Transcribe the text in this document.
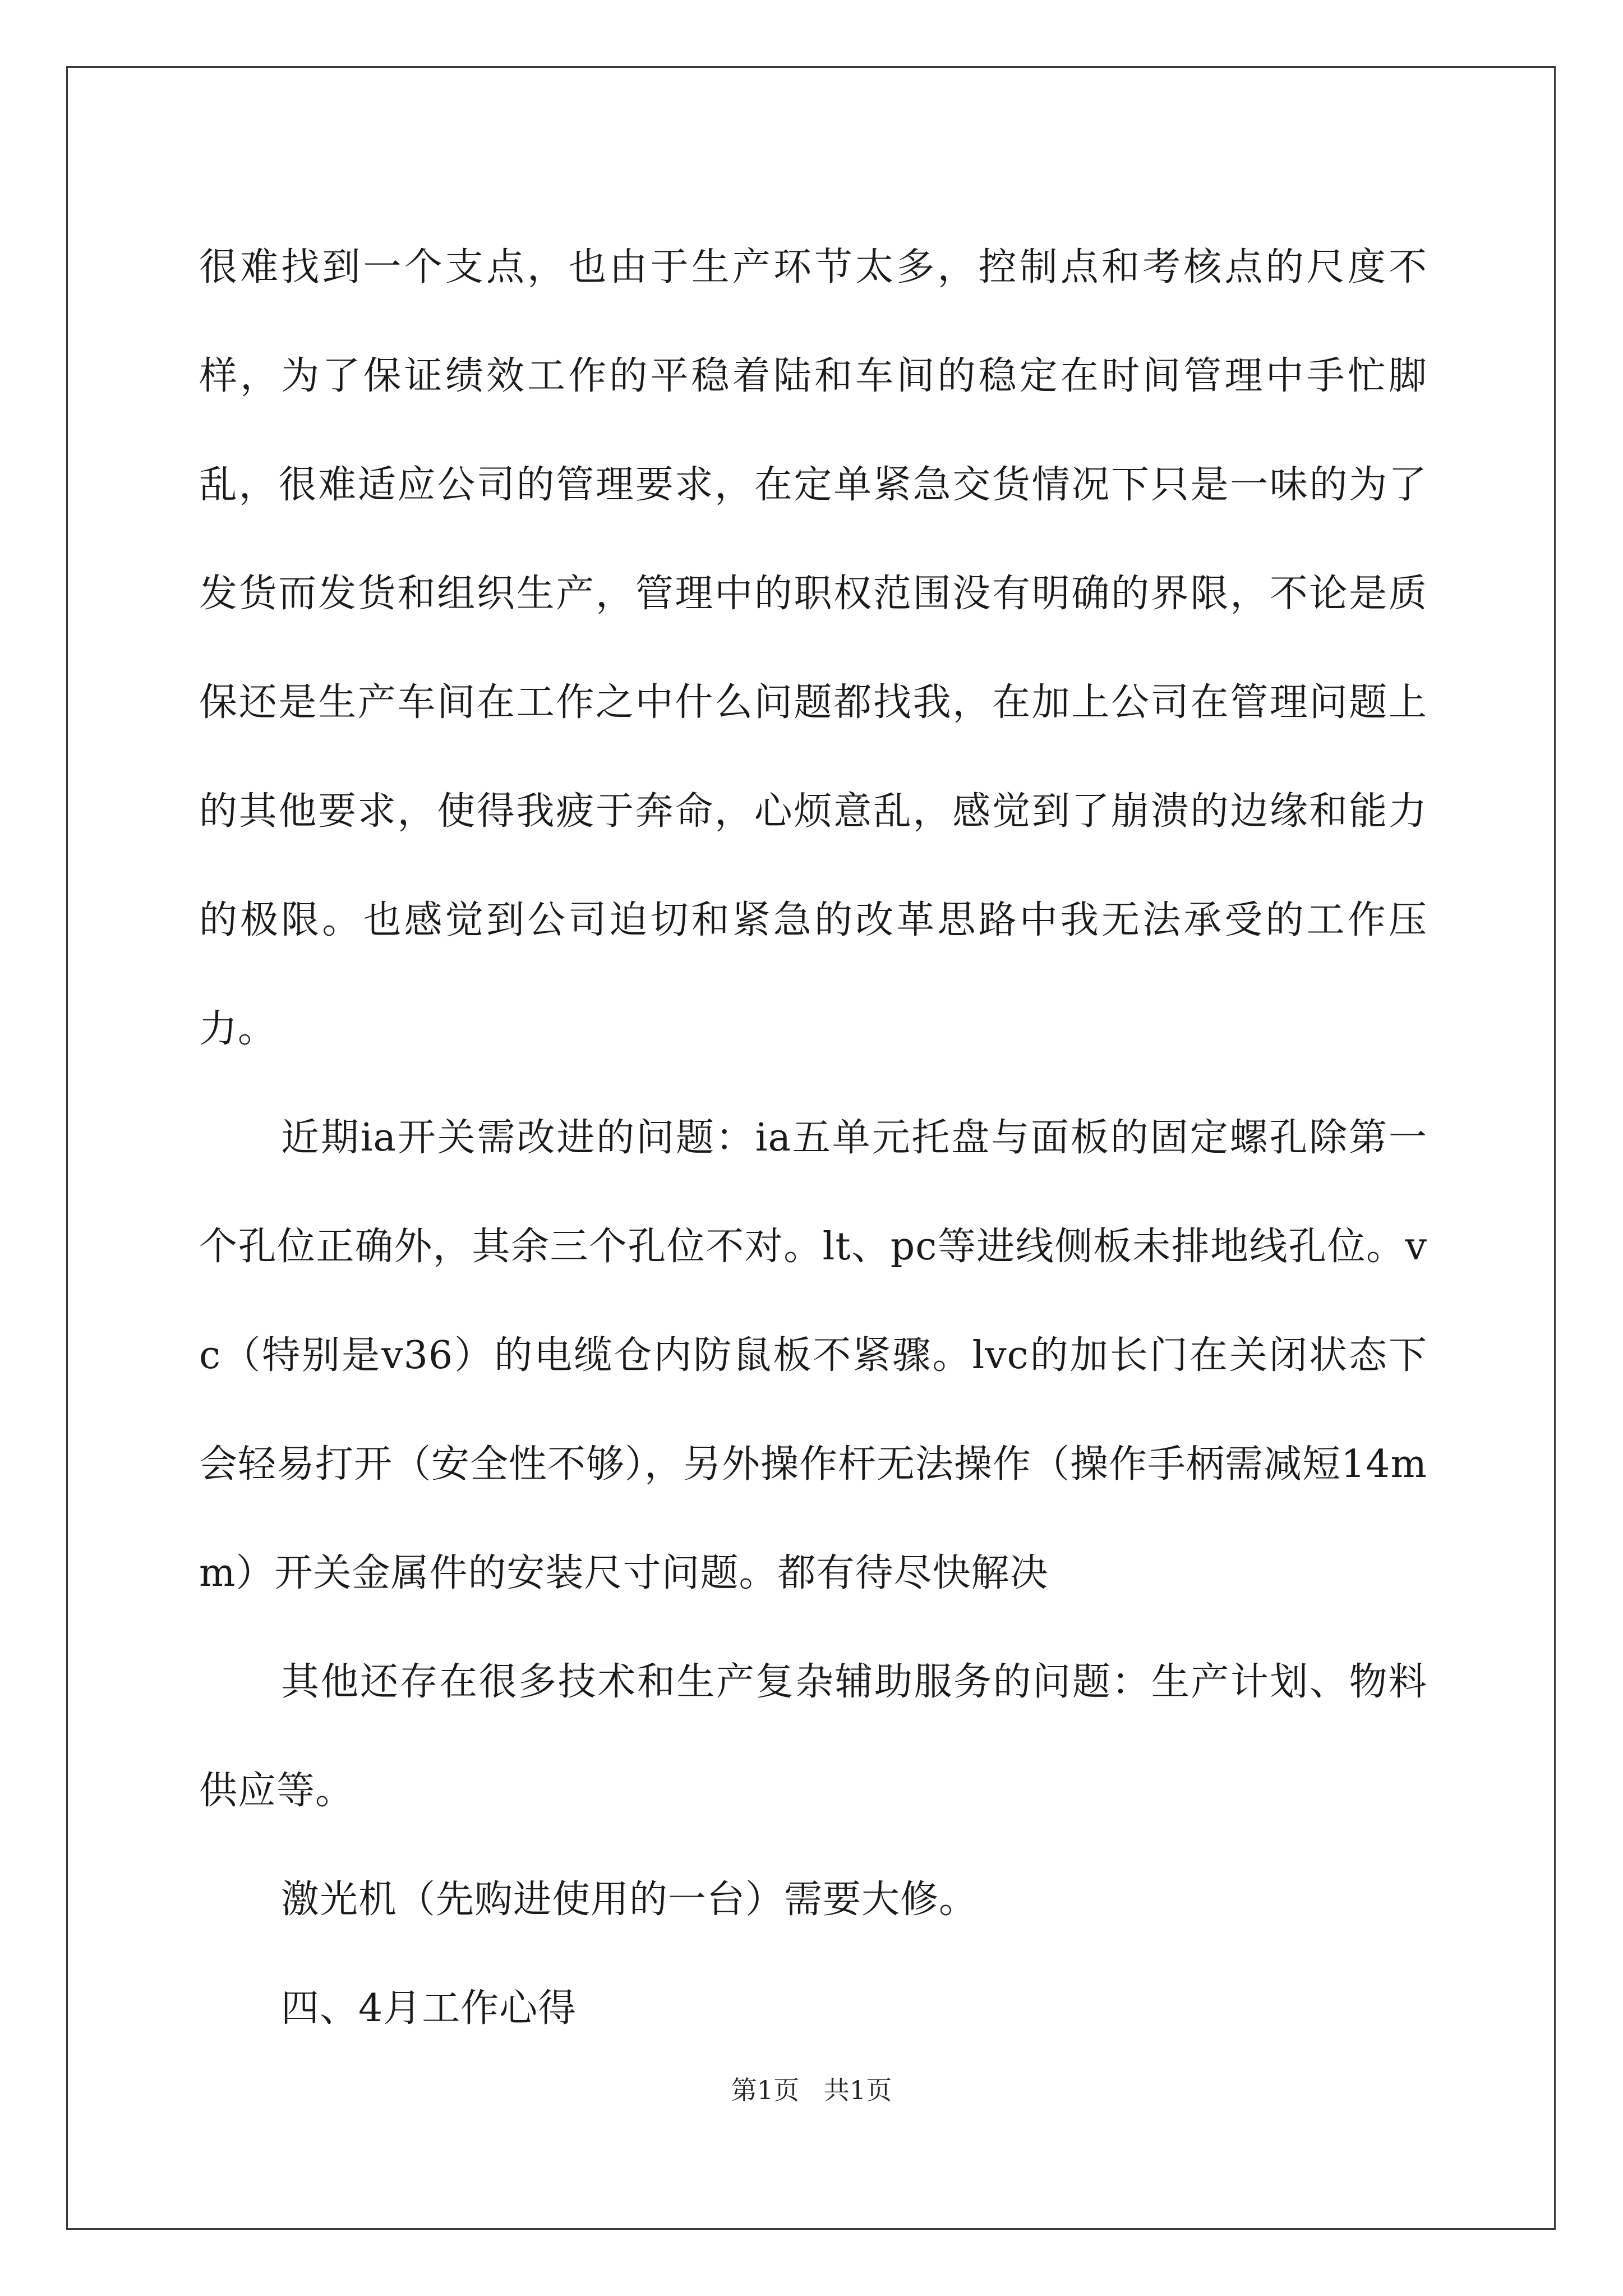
很难找到一个支点，也由于生产环节太多，控制点和考核点的尺度不样，为了保证绩效工作的平稳着陆和车间的稳定在时间管理中手忙脚乱，很难适应公司的管理要求，在定单紧急交货情况下只是一味的为了发货而发货和组织生产，管理中的职权范围没有明确的界限，不论是质保还是生产车间在工作之中什么问题都找我，在加上公司在管理问题上的其他要求，使得我疲于奔命，心烦意乱，感觉到了崩溃的边缘和能力的极限。也感觉到公司迫切和紧急的改革思路中我无法承受的工作压力。

近期ia开关需改进的问题：ia五单元托盘与面板的固定螺孔除第一个孔位正确外，其余三个孔位不对。lt、pc等进线侧板未排地线孔位。vc（特别是v36）的电缆仓内防鼠板不紧骤。lvc的加长门在关闭状态下会轻易打开（安全性不够），另外操作杆无法操作（操作手柄需减短14mm）开关金属件的安装尺寸问题。都有待尽快解决

其他还存在很多技术和生产复杂辅助服务的问题：生产计划、物料供应等。

激光机（先购进使用的一台）需要大修。

四、4月工作心得

第1页   共1页
